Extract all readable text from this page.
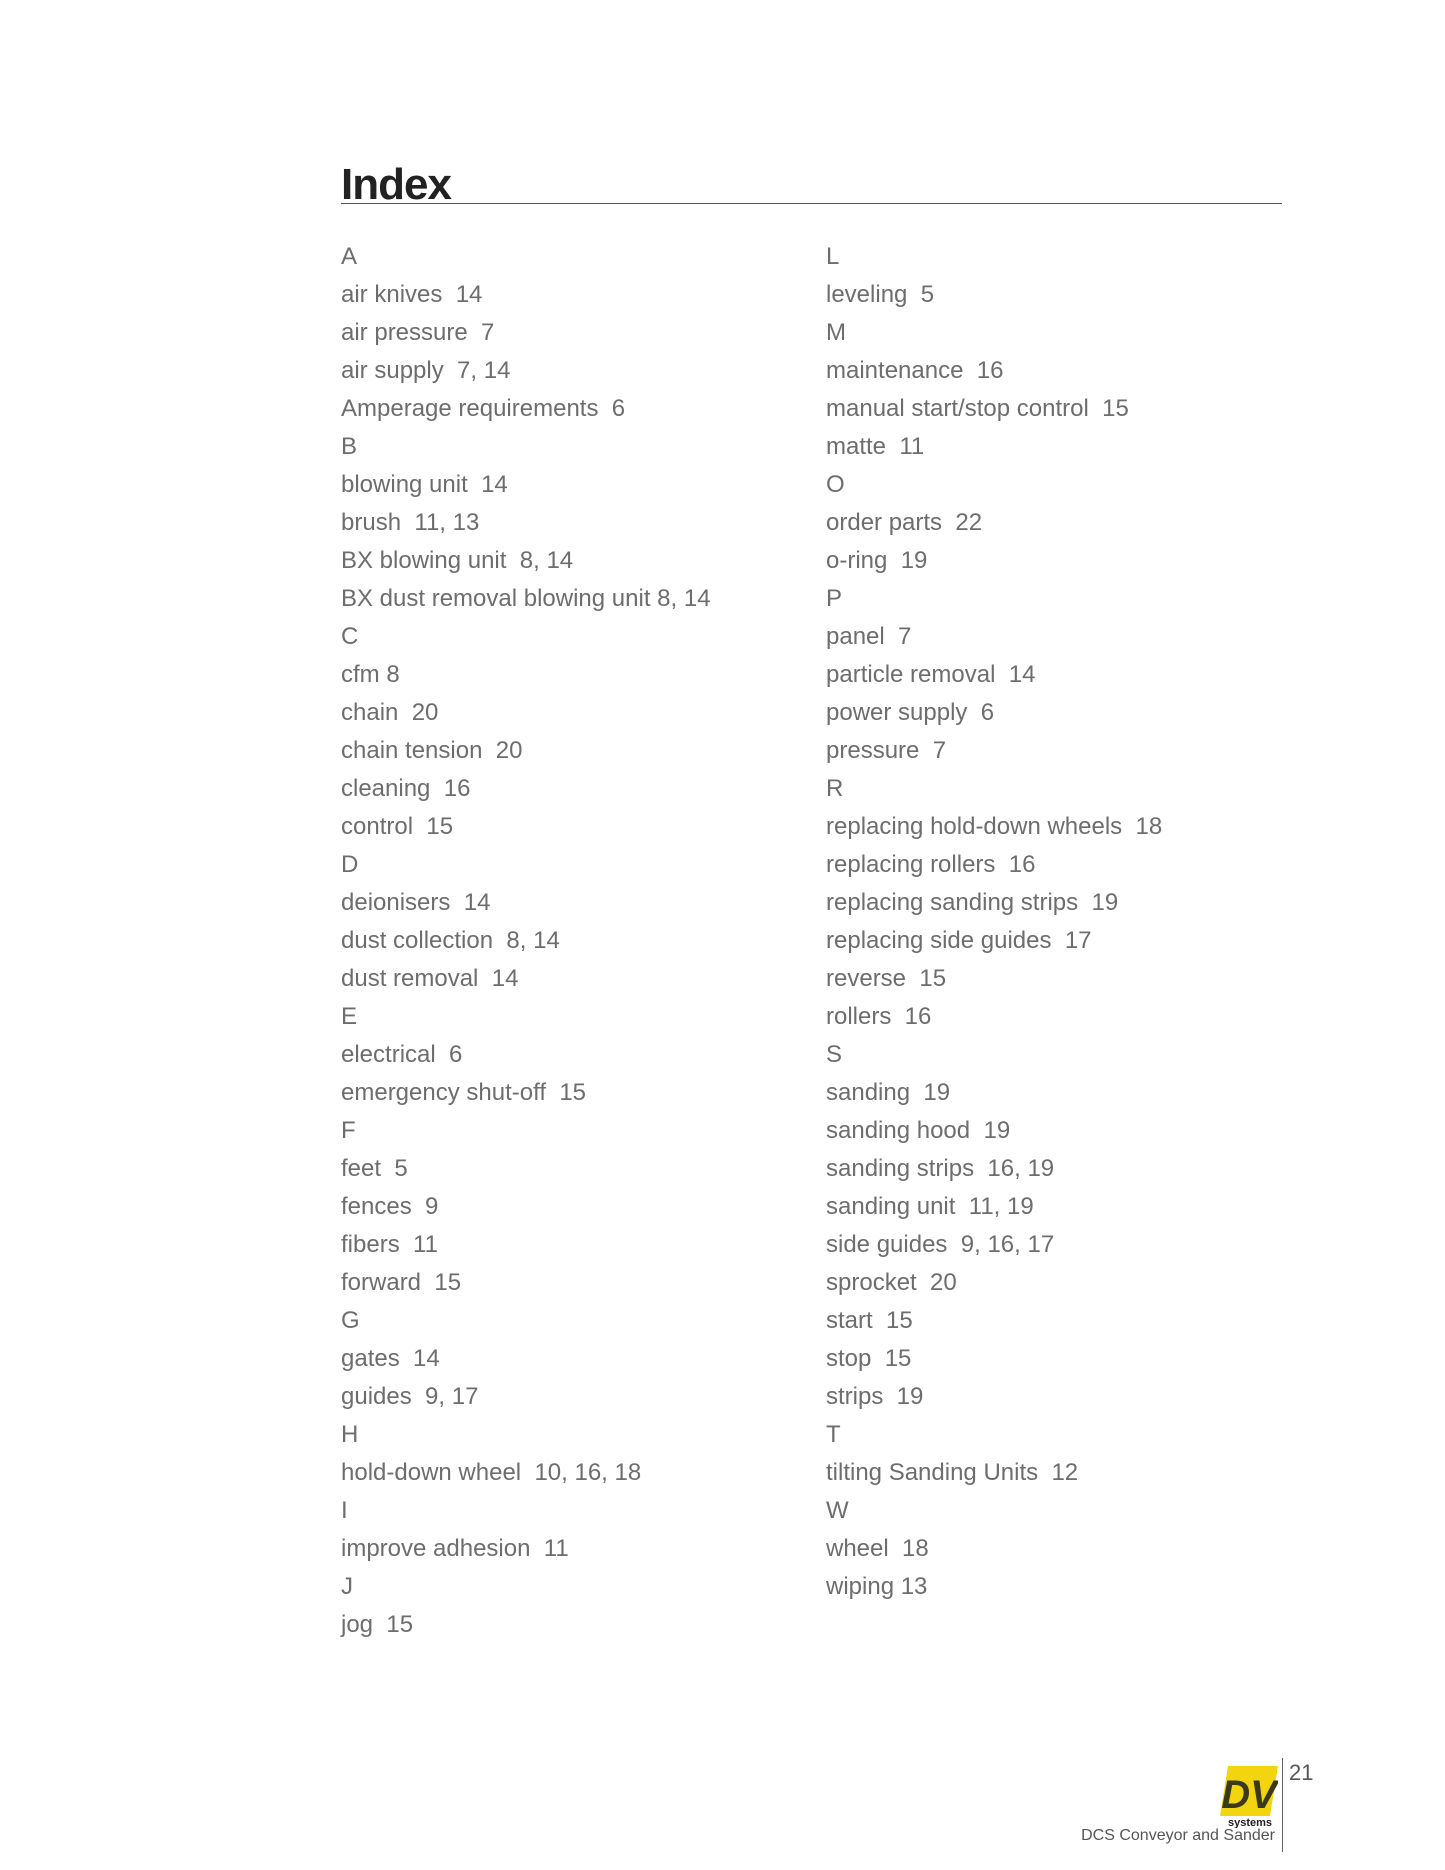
Index
A
air knives  14
air pressure  7
air supply  7, 14
Amperage requirements  6
B
blowing unit  14
brush  11, 13
BX blowing unit  8, 14
BX dust removal blowing unit 8, 14
C
cfm 8
chain  20
chain tension  20
cleaning  16
control  15
D
deionisers  14
dust collection  8, 14
dust removal  14
E
electrical  6
emergency shut-off  15
F
feet  5
fences  9
fibers  11
forward  15
G
gates  14
guides  9, 17
H
hold-down wheel  10, 16, 18
I
improve adhesion  11
J
jog  15
L
leveling  5
M
maintenance  16
manual start/stop control  15
matte  11
O
order parts  22
o-ring  19
P
panel  7
particle removal  14
power supply  6
pressure  7
R
replacing hold-down wheels  18
replacing rollers  16
replacing sanding strips  19
replacing side guides  17
reverse  15
rollers  16
S
sanding  19
sanding hood  19
sanding strips  16, 19
sanding unit  11, 19
side guides  9, 16, 17
sprocket  20
start  15
stop  15
strips  19
T
tilting Sanding Units  12
W
wheel  18
wiping 13
DV
systems
21
DCS Conveyor and Sander
